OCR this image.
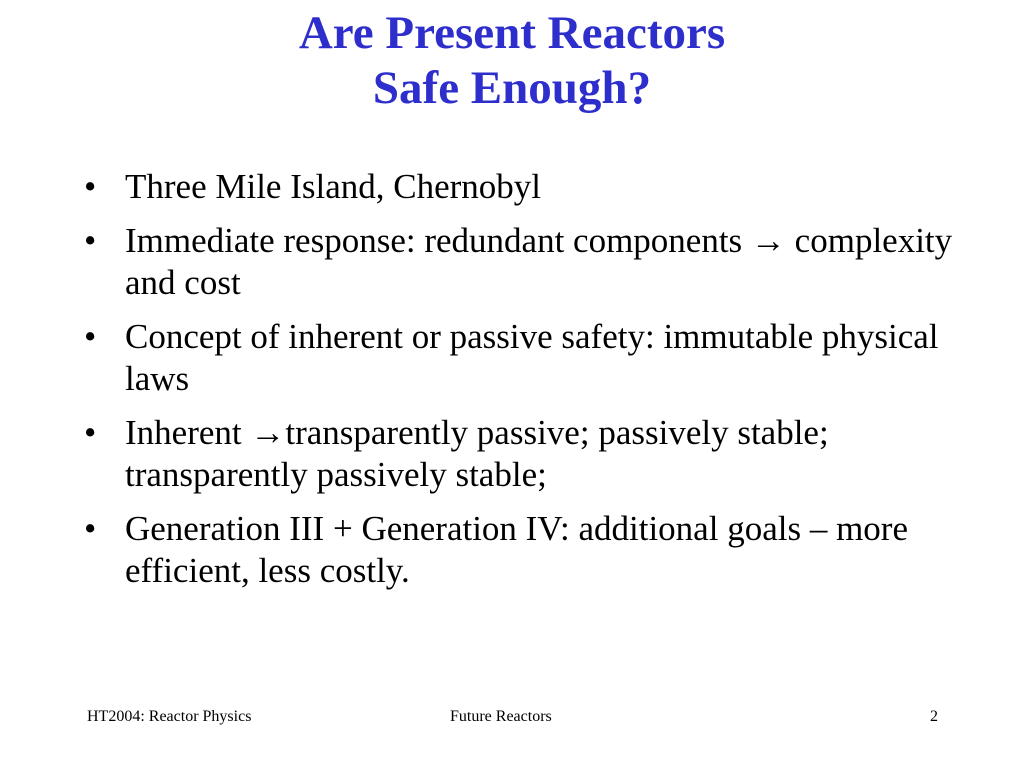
Are Present Reactors
Safe Enough?
• Three Mile Island, Chernobyl
• Immediate response: redundant components → complexity and cost
• Concept of inherent or passive safety: immutable physical laws
• Inherent →transparently passive; passively stable; transparently passively stable;
• Generation III + Generation IV: additional goals – more efficient, less costly.
HT2004: Reactor Physics	Future Reactors	2
